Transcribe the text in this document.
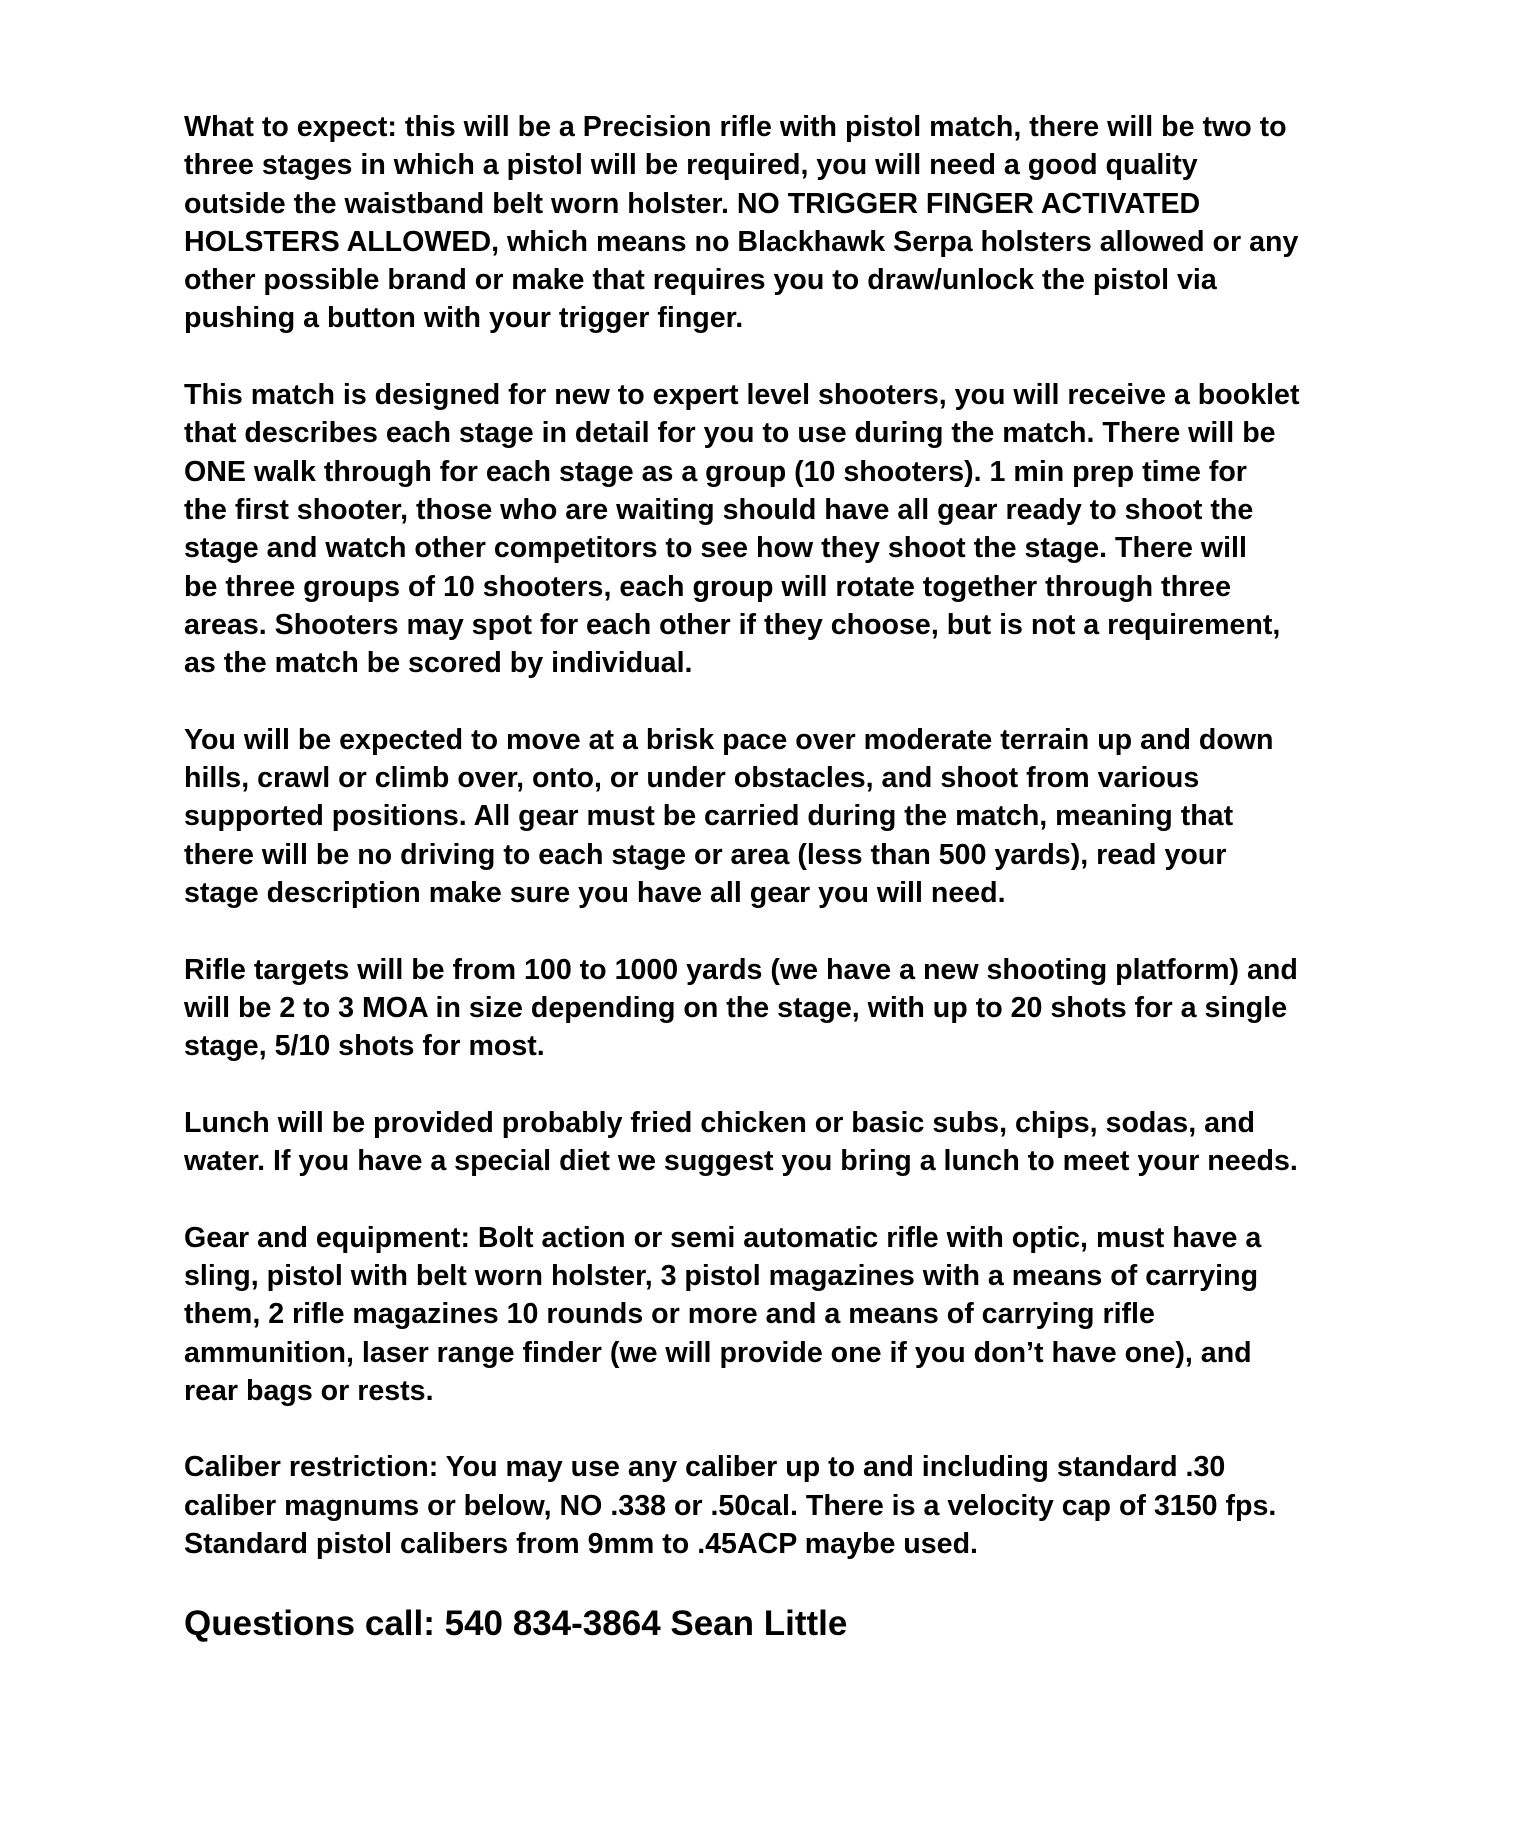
What to expect: this will be a Precision rifle with pistol match, there will be two to
three stages in which a pistol will be required, you will need a good quality
outside the waistband belt worn holster. NO TRIGGER FINGER ACTIVATED
HOLSTERS ALLOWED, which means no Blackhawk Serpa holsters allowed or any
other possible brand or make that requires you to draw/unlock the pistol via
pushing a button with your trigger finger.

This match is designed for new to expert level shooters, you will receive a booklet
that describes each stage in detail for you to use during the match. There will be
ONE walk through for each stage as a group (10 shooters). 1 min prep time for
the first shooter, those who are waiting should have all gear ready to shoot the
stage and watch other competitors to see how they shoot the stage. There will
be three groups of 10 shooters, each group will rotate together through three
areas. Shooters may spot for each other if they choose, but is not a requirement,
as the match be scored by individual.

You will be expected to move at a brisk pace over moderate terrain up and down
hills, crawl or climb over, onto, or under obstacles, and shoot from various
supported positions. All gear must be carried during the match, meaning that
there will be no driving to each stage or area (less than 500 yards), read your
stage description make sure you have all gear you will need.

Rifle targets will be from 100 to 1000 yards (we have a new shooting platform) and
will be 2 to 3 MOA in size depending on the stage, with up to 20 shots for a single
stage, 5/10 shots for most.

Lunch will be provided probably fried chicken or basic subs, chips, sodas, and
water. If you have a special diet we suggest you bring a lunch to meet your needs.

Gear and equipment: Bolt action or semi automatic rifle with optic, must have a
sling, pistol with belt worn holster, 3 pistol magazines with a means of carrying
them, 2 rifle magazines 10 rounds or more and a means of carrying rifle
ammunition, laser range finder (we will provide one if you don’t have one), and
rear bags or rests.

Caliber restriction: You may use any caliber up to and including standard .30
caliber magnums or below, NO .338 or .50cal. There is a velocity cap of 3150 fps.
Standard pistol calibers from 9mm to .45ACP maybe used.

Questions call: 540 834-3864 Sean Little
